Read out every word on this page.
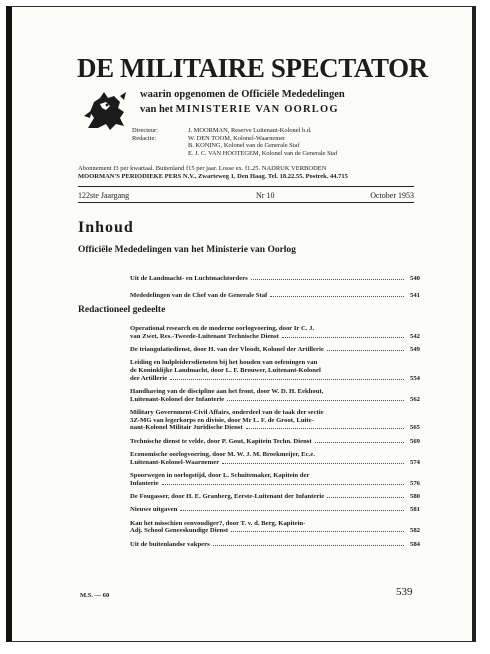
DE MILITAIRE SPECTATOR
waarin opgenomen de Officiële Mededelingen
van het MINISTERIE VAN OORLOG
Directeur:	J. MOORMAN, Reserve Luitenant-Kolonel b.d.
Redactie:	W. DEN TOOM, Kolonel-Waarnemer
B. KONING, Kolonel van de Generale Staf
E. J. C. VAN HOOTEGEM, Kolonel van de Generale Staf
Abonnement f3 per kwartaal. Buitenland f15 per jaar. Losse ex. f1.25. NADRUK VERBODEN
MOORMAN'S PERIODIEKE PERS N.V., Zwarteweg 1, Den Haag. Tel. 18.22.55. Postrek. 44.715
122ste Jaargang	Nr 10	October 1953
Inhoud
Officiële Mededelingen van het Ministerie van Oorlog
Uit de Landmacht- en Luchtmachtorders	540
Mededelingen van de Chef van de Generale Staf	541
Redactioneel gedeelte
Operational research en de moderne oorlogvoering, door Ir C. J.
van Zwet, Res.-Tweede-Luitenant Technische Dienst	542
De triangulatiedienst, door H. van der Vloodt, Kolonel der Artillerie	549
Leiding en hulpleidersdiensten bij het houden van oefeningen van
de Koninklijke Landmacht, door L. F. Brouwer, Luitenant-Kolonel
der Artillerie	554
Handhaving van de discipline aan het front, door W. D. H. Eekhout,
Luitenant-Kolonel der Infanterie	562
Military Government-Civil Affairs, onderdeel van de taak der sectie
3Z-MG van legerkorps en divisie, door Mr L. F. de Groot, Luite-
nant-Kolonel Militair Juridische Dienst	565
Technische dienst te velde, door P. Gout, Kapitein Techn. Dienst	569
Economische oorlogvoering, door M. W. J. M. Broekmeijer, Ec.e.
Luitenant-Kolonel-Waarnemer	574
Spoorwegen in oorlogstijd, door L. Schuitemaker, Kapitein der
Infanterie	576
De Fougasser, door H. E. Granberg, Eerste-Luitenant der Infanterie	580
Nieuwe uitgaven	581
Kan het misschien eenvoudiger?, door T. v. d. Berg, Kapitein-
Adj. School Geneeskundige Dienst	582
Uit de buitenlandse vakpers	584
M.S. — 60	539
